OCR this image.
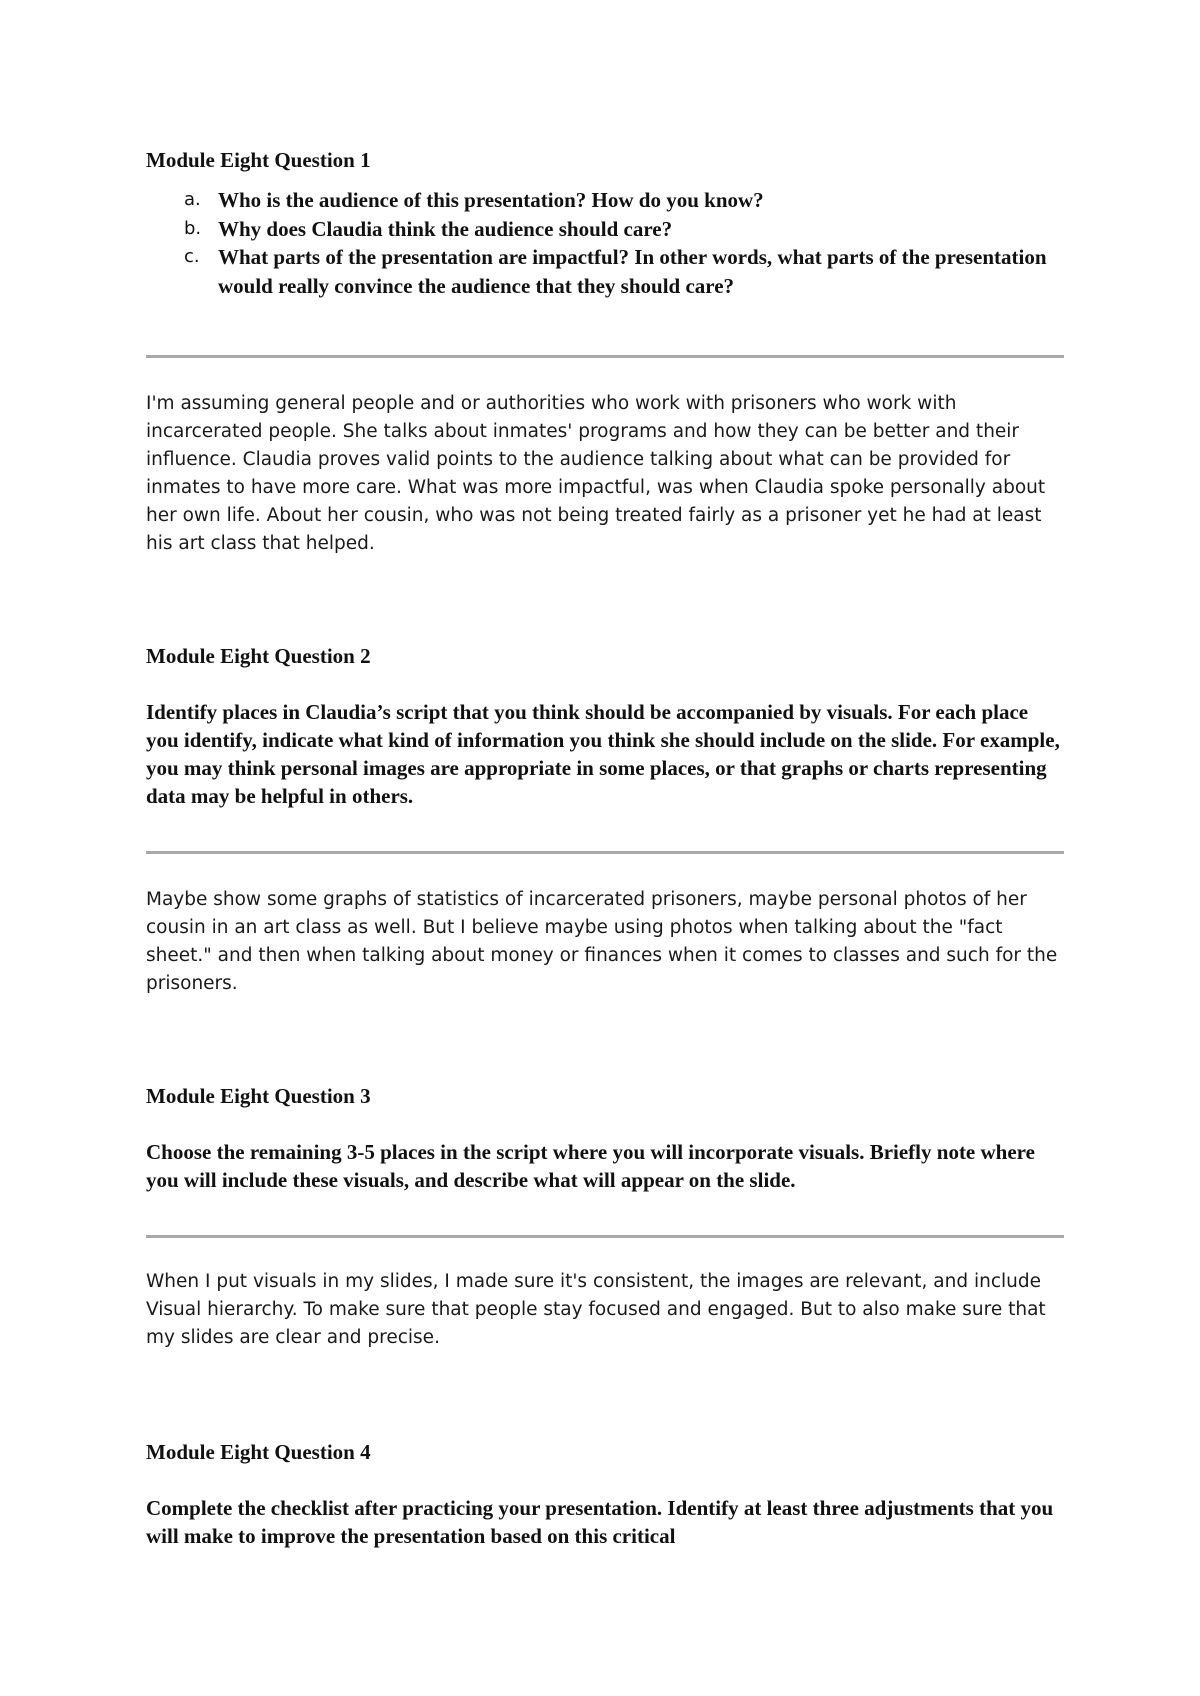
Module Eight Question 1
a. Who is the audience of this presentation? How do you know?
b. Why does Claudia think the audience should care?
c. What parts of the presentation are impactful? In other words, what parts of the presentation would really convince the audience that they should care?

I'm assuming general people and or authorities who work with prisoners who work with incarcerated people. She talks about inmates' programs and how they can be better and their influence. Claudia proves valid points to the audience talking about what can be provided for inmates to have more care. What was more impactful, was when Claudia spoke personally about her own life. About her cousin, who was not being treated fairly as a prisoner yet he had at least his art class that helped.

Module Eight Question 2

Identify places in Claudia’s script that you think should be accompanied by visuals. For each place you identify, indicate what kind of information you think she should include on the slide. For example, you may think personal images are appropriate in some places, or that graphs or charts representing data may be helpful in others.

Maybe show some graphs of statistics of incarcerated prisoners, maybe personal photos of her cousin in an art class as well. But I believe maybe using photos when talking about the "fact sheet." and then when talking about money or finances when it comes to classes and such for the prisoners.

Module Eight Question 3

Choose the remaining 3-5 places in the script where you will incorporate visuals. Briefly note where you will include these visuals, and describe what will appear on the slide.

When I put visuals in my slides, I made sure it's consistent, the images are relevant, and include Visual hierarchy. To make sure that people stay focused and engaged. But to also make sure that my slides are clear and precise.

Module Eight Question 4

Complete the checklist after practicing your presentation. Identify at least three adjustments that you will make to improve the presentation based on this critical
